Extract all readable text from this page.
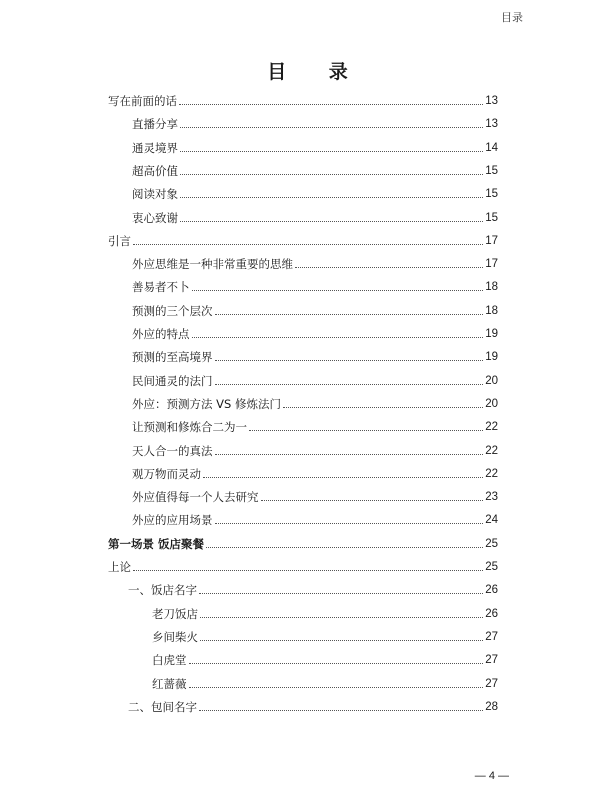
目录
目 录
写在前面的话	13
直播分享	13
通灵境界	14
超高价值	15
阅读对象	15
衷心致谢	15
引言	17
外应思维是一种非常重要的思维	17
善易者不卜	18
预测的三个层次	18
外应的特点	19
预测的至高境界	19
民间通灵的法门	20
外应：预测方法 VS 修炼法门	20
让预测和修炼合二为一	22
天人合一的真法	22
观万物而灵动	22
外应值得每一个人去研究	23
外应的应用场景	24
第一场景 饭店聚餐	25
上论	25
一、饭店名字	26
老刀饭店	26
乡间柴火	27
白虎堂	27
红蔷薇	27
二、包间名字	28
— 4 —
